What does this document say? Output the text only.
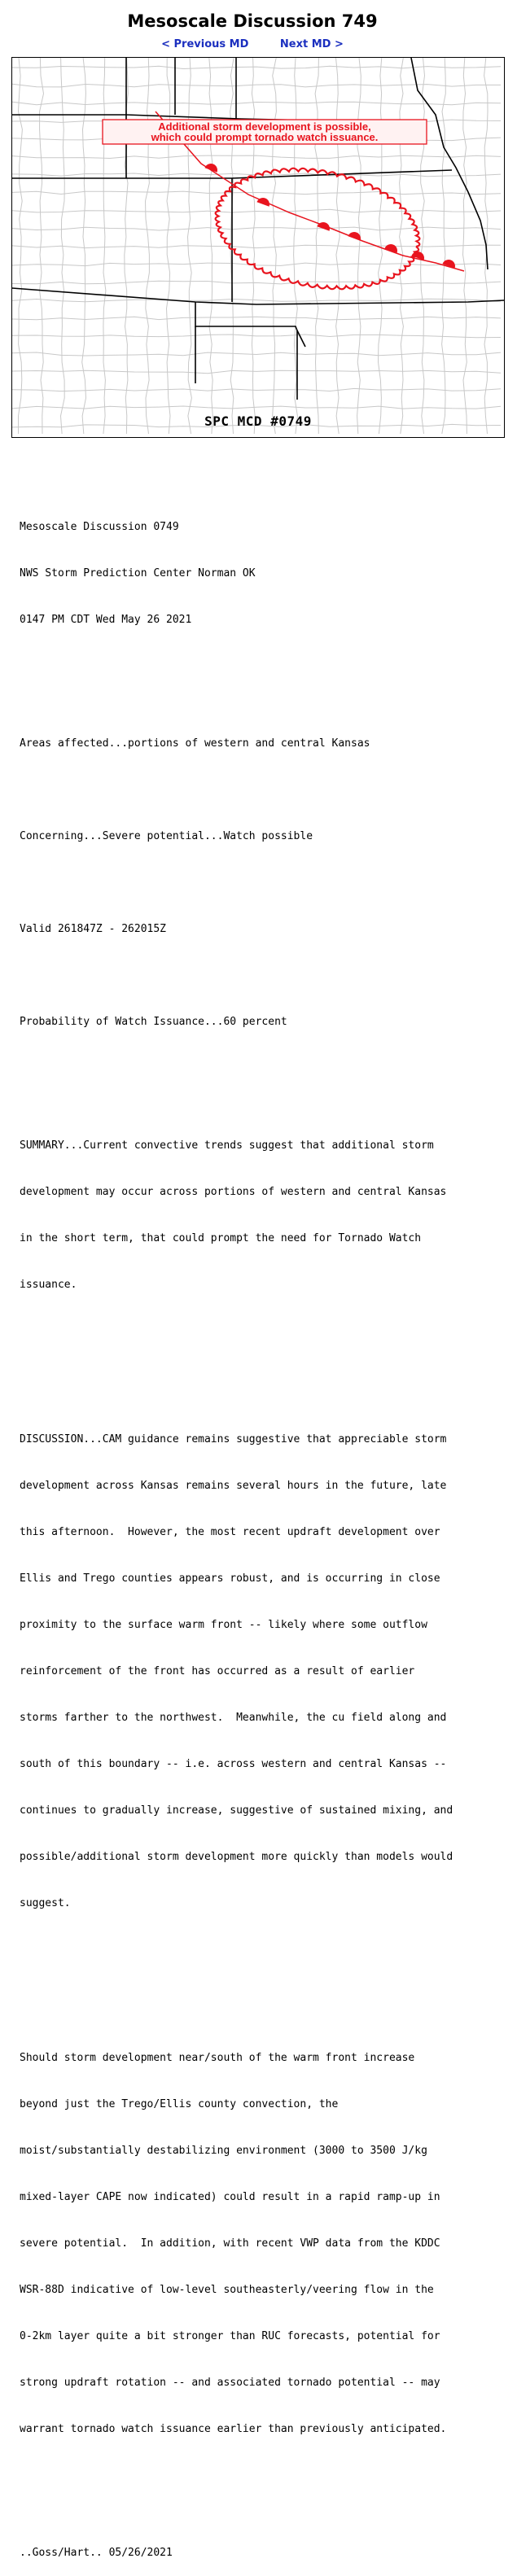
Mesoscale Discussion 749
< Previous MD	Next MD >
Additional storm development is possible,
which could prompt tornado watch issuance.
SPC MCD #0749

Mesoscale Discussion 0749

NWS Storm Prediction Center Norman OK

0147 PM CDT Wed May 26 2021

Areas affected...portions of western and central Kansas

Concerning...Severe potential...Watch possible

Valid 261847Z - 262015Z

Probability of Watch Issuance...60 percent

SUMMARY...Current convective trends suggest that additional storm

development may occur across portions of western and central Kansas

in the short term, that could prompt the need for Tornado Watch

issuance.

DISCUSSION...CAM guidance remains suggestive that appreciable storm

development across Kansas remains several hours in the future, late

this afternoon.  However, the most recent updraft development over

Ellis and Trego counties appears robust, and is occurring in close

proximity to the surface warm front -- likely where some outflow

reinforcement of the front has occurred as a result of earlier

storms farther to the northwest.  Meanwhile, the cu field along and

south of this boundary -- i.e. across western and central Kansas --

continues to gradually increase, suggestive of sustained mixing, and

possible/additional storm development more quickly than models would

suggest.

Should storm development near/south of the warm front increase

beyond just the Trego/Ellis county convection, the

moist/substantially destabilizing environment (3000 to 3500 J/kg

mixed-layer CAPE now indicated) could result in a rapid ramp-up in

severe potential.  In addition, with recent VWP data from the KDDC

WSR-88D indicative of low-level southeasterly/veering flow in the

0-2km layer quite a bit stronger than RUC forecasts, potential for

strong updraft rotation -- and associated tornado potential -- may

warrant tornado watch issuance earlier than previously anticipated.

..Goss/Hart.. 05/26/2021
